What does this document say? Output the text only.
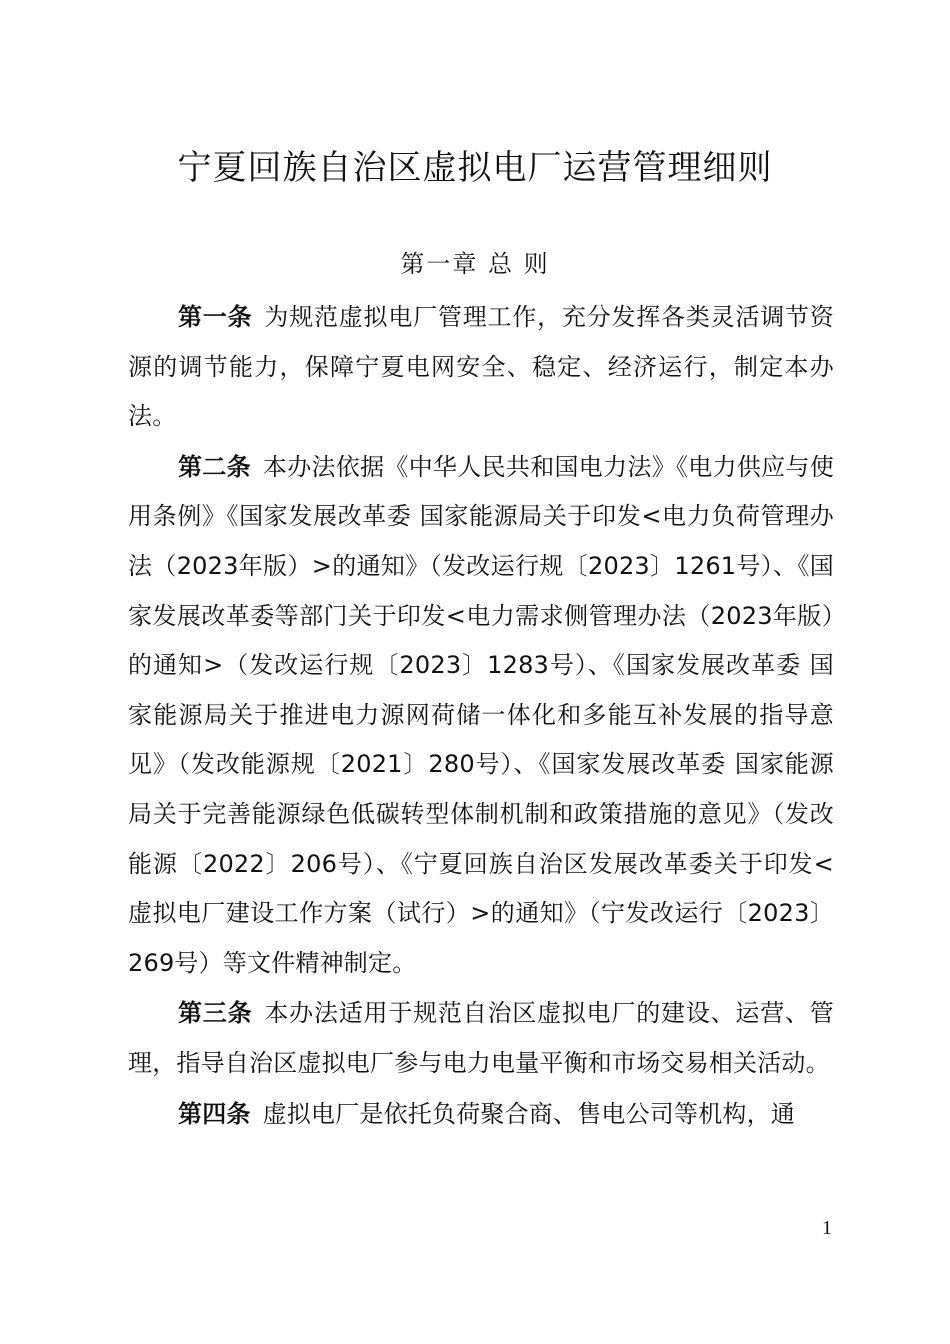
宁夏回族自治区虚拟电厂运营管理细则
第一章 总 则

第一条 为规范虚拟电厂管理工作，充分发挥各类灵活调节资源的调节能力，保障宁夏电网安全、稳定、经济运行，制定本办法。

第二条 本办法依据《中华人民共和国电力法》《电力供应与使用条例》《国家发展改革委 国家能源局关于印发<电力负荷管理办法（2023年版）>的通知》（发改运行规〔2023〕1261号）、《国家发展改革委等部门关于印发<电力需求侧管理办法（2023年版）的通知>（发改运行规〔2023〕1283号）、《国家发展改革委 国家能源局关于推进电力源网荷储一体化和多能互补发展的指导意见》（发改能源规〔2021〕280号）、《国家发展改革委 国家能源局关于完善能源绿色低碳转型体制机制和政策措施的意见》（发改能源〔2022〕206号）、《宁夏回族自治区发展改革委关于印发<虚拟电厂建设工作方案（试行）>的通知》（宁发改运行〔2023〕269号）等文件精神制定。

第三条 本办法适用于规范自治区虚拟电厂的建设、运营、管理，指导自治区虚拟电厂参与电力电量平衡和市场交易相关活动。

第四条 虚拟电厂是依托负荷聚合商、售电公司等机构，通

1
